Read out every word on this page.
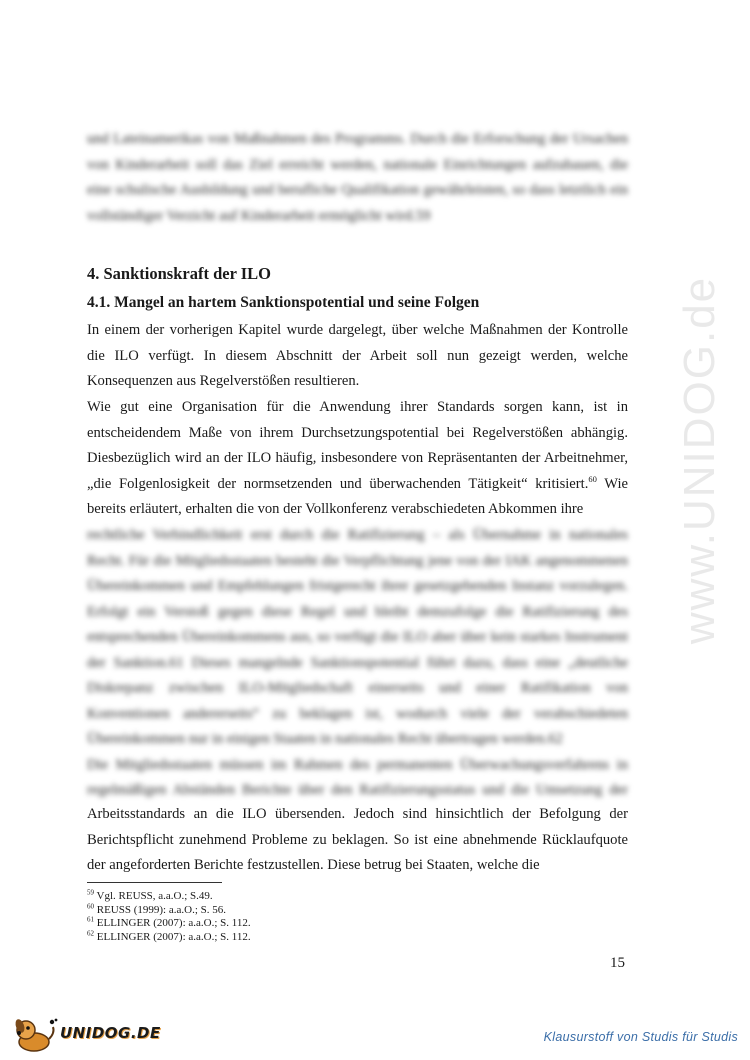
www.UNIDOG.de
und Lateinamerikas von Maßnahmen des Programms. Durch die Erforschung der Ursachen
von Kinderarbeit soll das Ziel erreicht werden, nationale Einrichtungen aufzubauen, die
eine schulische Ausbildung und berufliche Qualifikation gewährleisten, so dass letztlich ein
vollständiger Verzicht auf Kinderarbeit ermöglicht wird.59
4. Sanktionskraft der ILO
4.1. Mangel an hartem Sanktionspotential und seine Folgen

In einem der vorherigen Kapitel wurde dargelegt, über welche Maßnahmen der Kontrolle die ILO verfügt. In diesem Abschnitt der Arbeit soll nun gezeigt werden, welche Konsequenzen aus Regelverstößen resultieren.

Wie gut eine Organisation für die Anwendung ihrer Standards sorgen kann, ist in entscheidendem Maße von ihrem Durchsetzungspotential bei Regelverstößen abhängig. Diesbezüglich wird an der ILO häufig, insbesondere von Repräsentanten der Arbeitnehmer, „die Folgenlosigkeit der normsetzenden und überwachenden Tätigkeit“ kritisiert.$^{60}$ Wie bereits erläutert, erhalten die von der Vollkonferenz verabschiedeten Abkommen ihre

rechtliche Verbindlichkeit erst durch die Ratifizierung – als Übernahme in nationales
Recht. Für die Mitgliedsstaaten besteht die Verpflichtung jene von der IAK angenommenen
Übereinkommen und Empfehlungen fristgerecht ihrer gesetzgebenden Instanz vorzulegen.
Erfolgt ein Verstoß gegen diese Regel und bleibt demzufolge die Ratifizierung des
entsprechenden Übereinkommens aus, so verfügt die ILO aber über kein starkes Instrument
der Sanktion.61 Dieses mangelnde Sanktionspotential führt dazu, dass eine „deutliche
Diskrepanz zwischen ILO-Mitgliedschaft einerseits und einer Ratifikation von
Konventionen andererseits“ zu beklagen ist, wodurch viele der verabschiedeten
Übereinkommen nur in einigen Staaten in nationales Recht übertragen werden.62
Die Mitgliedsstaaten müssen im Rahmen des permanenten Überwachungsverfahrens in
regelmäßigen Abständen Berichte über den Ratifizierungsstatus und die Umsetzung der

Arbeitsstandards an die ILO übersenden. Jedoch sind hinsichtlich der Befolgung der Berichtspflicht zunehmend Probleme zu beklagen. So ist eine abnehmende Rücklaufquote der angeforderten Berichte festzustellen. Diese betrug bei Staaten, welche die

$^{59}$ Vgl. REUSS, a.a.O.; S.49.
$^{60}$ REUSS (1999): a.a.O.; S. 56.
$^{61}$ ELLINGER (2007): a.a.O.; S. 112.
$^{62}$ ELLINGER (2007): a.a.O.; S. 112.
15
UNIDOG.DE	Klausurstoff von Studis für Studis
